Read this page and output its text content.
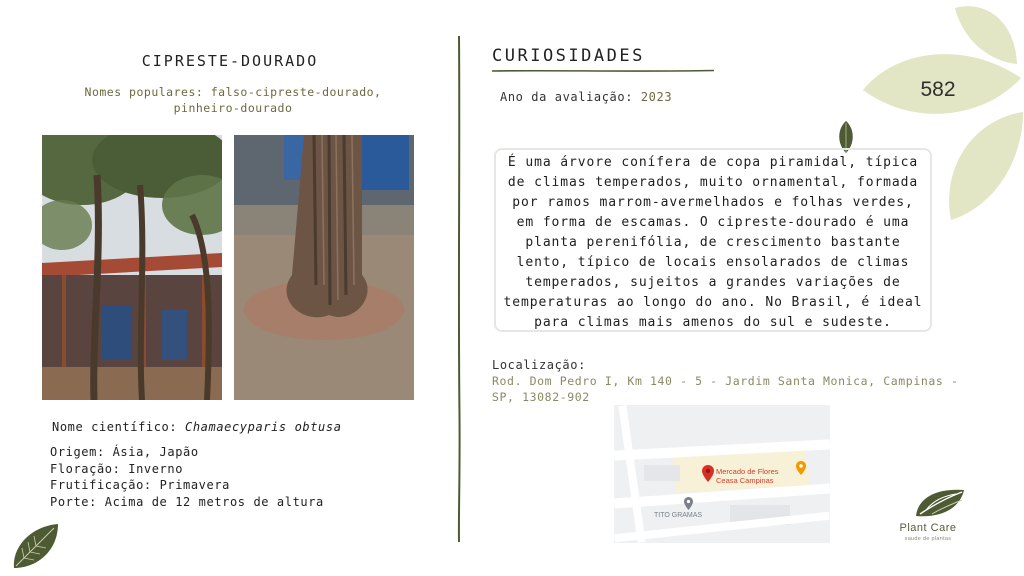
582
CIPRESTE-DOURADO
Nomes populares: falso-cipreste-dourado, pinheiro-dourado
Nome científico: Chamaecyparis obtusa
Origem: Ásia, Japão
Floração: Inverno
Frutificação: Primavera
Porte: Acima de 12 metros de altura
CURIOSIDADES
Ano da avaliação: 2023
É uma árvore conífera de copa piramidal, típica de climas temperados, muito ornamental, formada por ramos marrom-avermelhados e folhas verdes, em forma de escamas. O cipreste-dourado é uma planta perenifólia, de crescimento bastante lento, típico de locais ensolarados de climas temperados, sujeitos a grandes variações de temperaturas ao longo do ano. No Brasil, é ideal para climas mais amenos do sul e sudeste.
Localização:
Rod. Dom Pedro I, Km 140 - 5 - Jardim Santa Monica, Campinas - SP, 13082-902
Mercado de Flores
Ceasa Campinas
TITO GRAMAS
Plant Care
saude de plantas
